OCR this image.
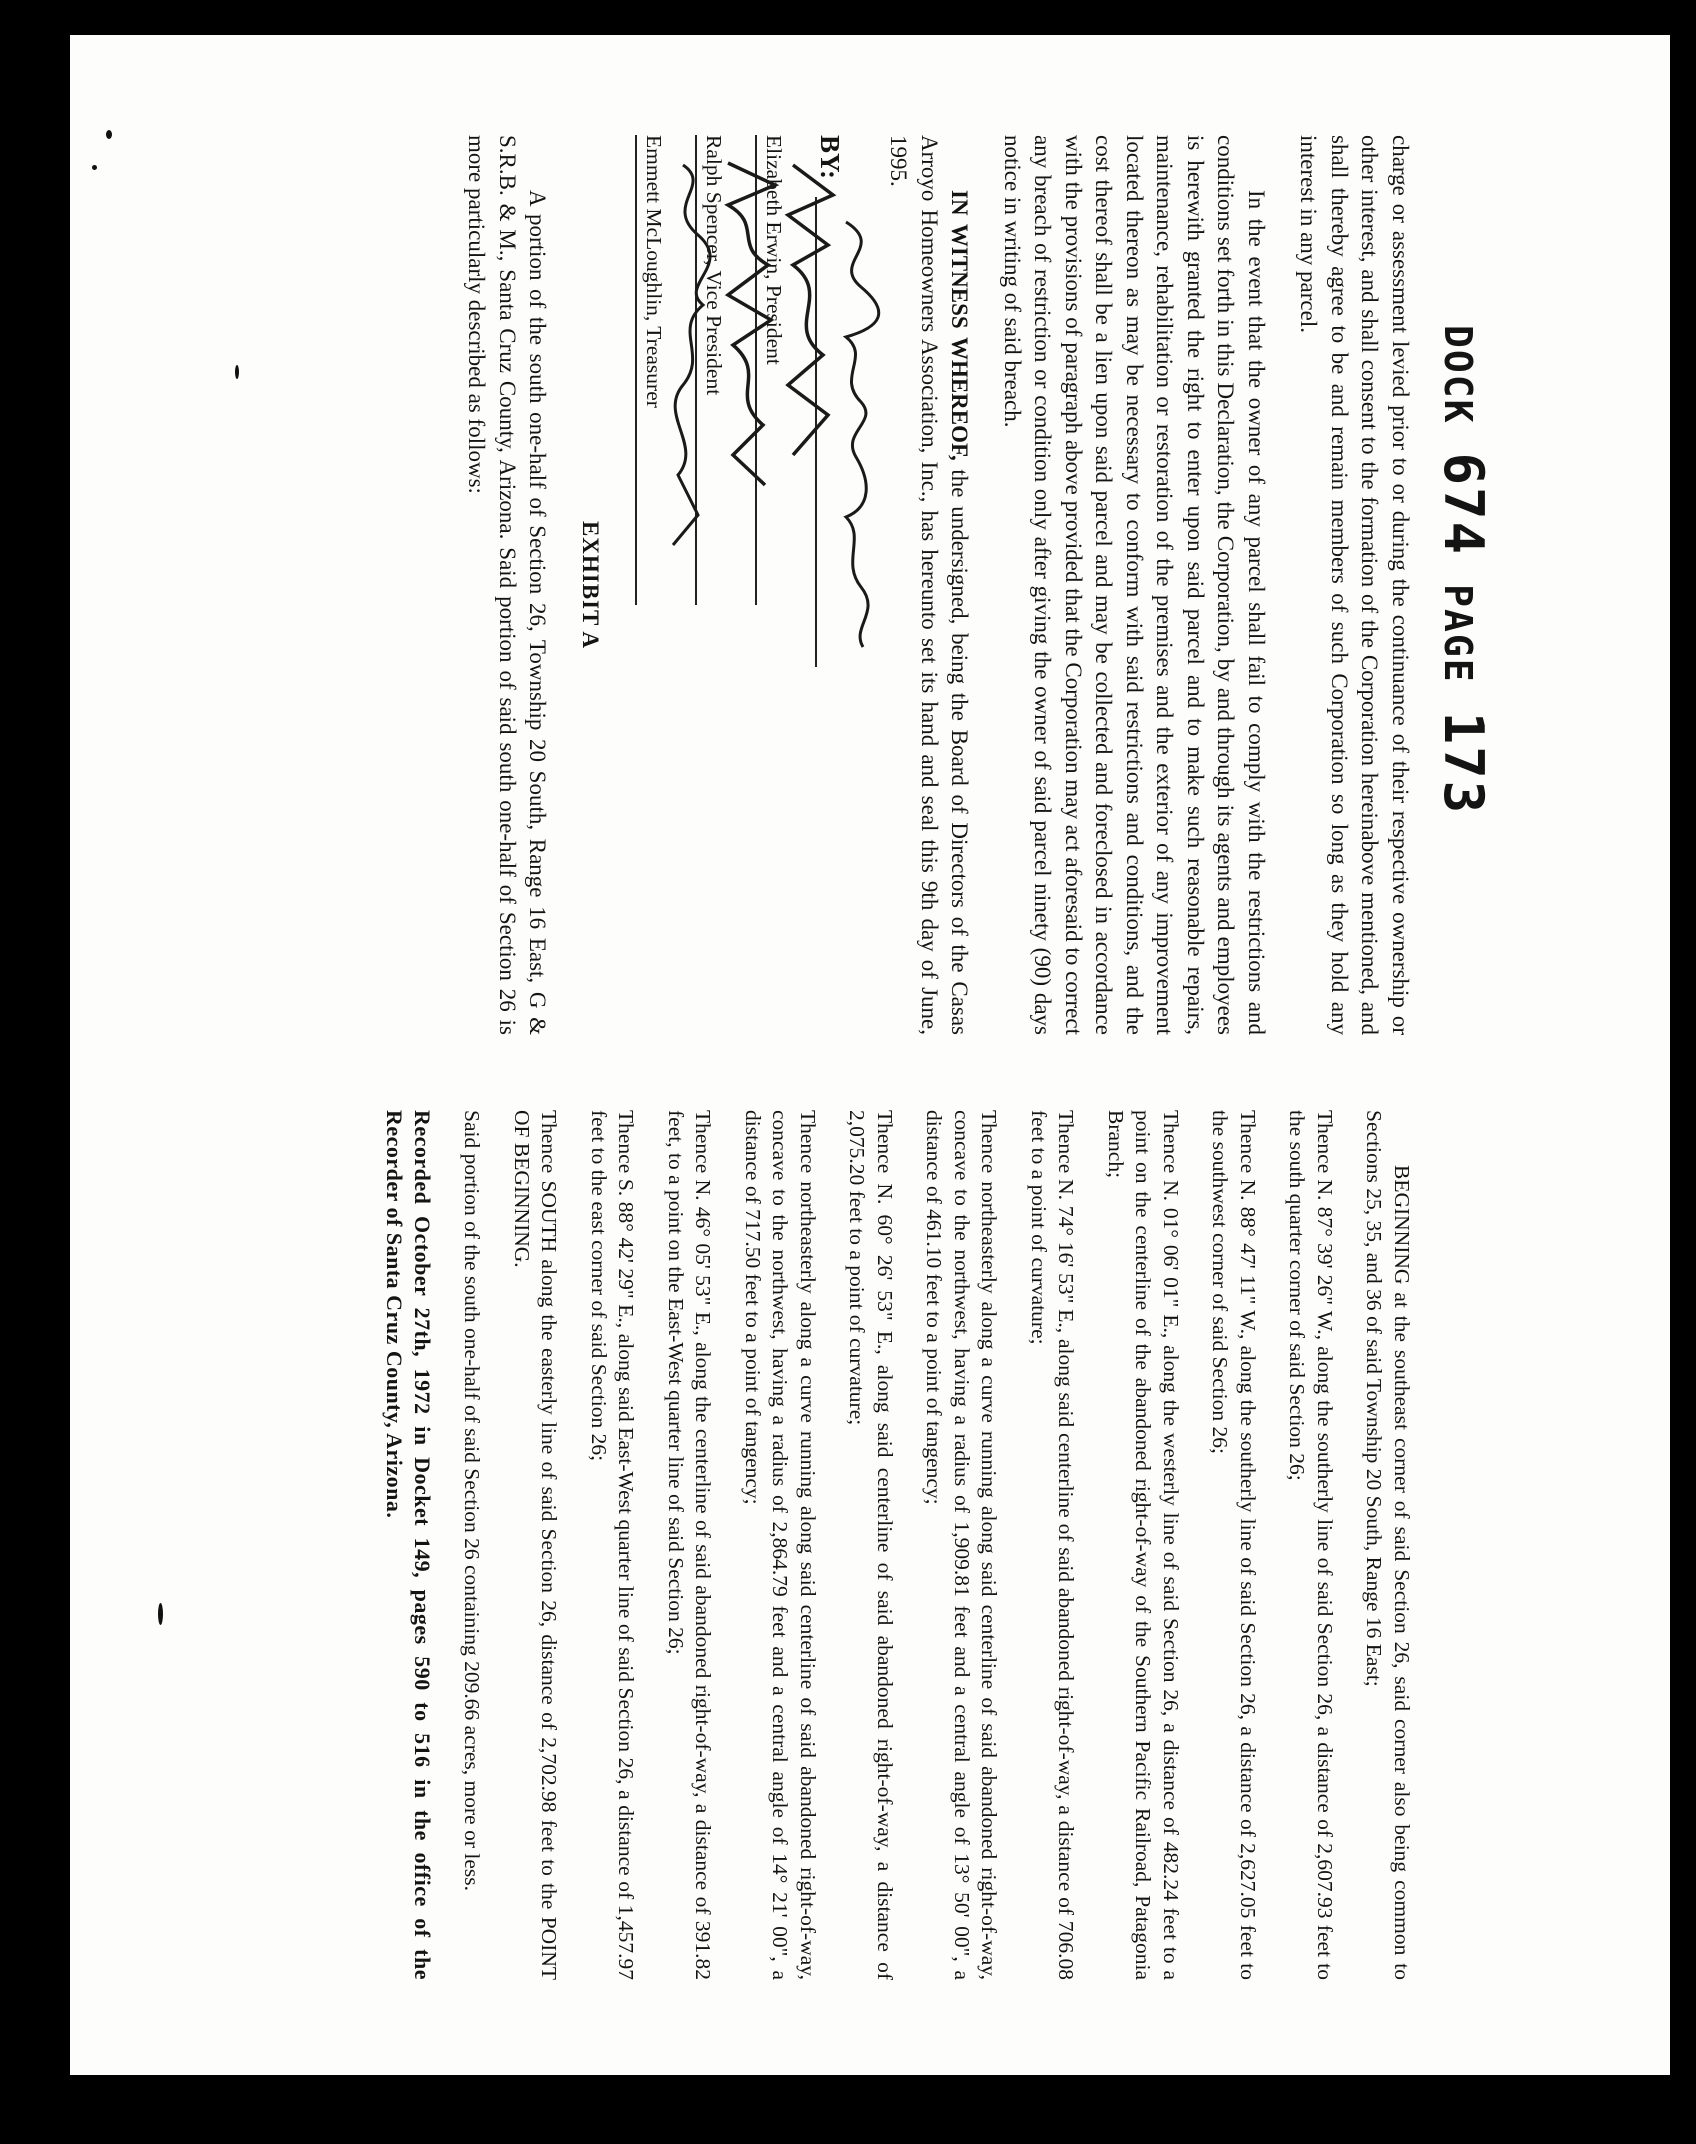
DOCK
674
PAGE
173

charge or assessment levied prior to or during the continuance of their respective ownership or other interest, and shall consent to the formation of the Corporation hereinabove mentioned, and shall thereby agree to be and remain members of such Corporation so long as they hold any interest in any parcel.

In the event that the owner of any parcel shall fail to comply with the restrictions and conditions set forth in this Declaration, the Corporation, by and through its agents and employees is herewith granted the right to enter upon said parcel and to make such reasonable repairs, maintenance, rehabilitation or restoration of the premises and the exterior of any improvement located thereon as may be necessary to conform with said restrictions and conditions, and the cost thereof shall be a lien upon said parcel and may be collected and foreclosed in accordance with the provisions of paragraph above provided that the Corporation may act aforesaid to correct any breach of restriction or condition only after giving the owner of said parcel ninety (90) days notice in writing of said breach.

IN WITNESS WHEREOF, the undersigned, being the Board of Directors of the Casas Arroyo Homeowners Association, Inc., has hereunto set its hand and seal this 9th day of June, 1995.

BY:
Elizabeth Erwin, President
Ralph Spencer, Vice President
Emmett McLoughlin, Treasurer
EXHIBIT A

A portion of the south one-half of Section 26, Township 20 South, Range 16 East, G & S.R.B. & M., Santa Cruz County, Arizona. Said portion of said south one-half of Section 26 is more particularly described as follows:

BEGINNING at the southeast corner of said Section 26, said corner also being common to Sections 25, 35, and 36 of said Township 20 South, Range 16 East;

Thence N. 87° 39' 26" W., along the southerly line of said Section 26, a distance of 2,607.93 feet to the south quarter corner of said Section 26;

Thence N. 88° 47' 11" W., along the southerly line of said Section 26, a distance of 2,627.05 feet to the southwest corner of said Section 26;

Thence N. 01° 06' 01" E., along the westerly line of said Section 26, a distance of 482.24 feet to a point on the centerline of the abandoned right-of-way of the Southern Pacific Railroad, Patagonia Branch;

Thence N. 74° 16' 53" E., along said centerline of said abandoned right-of-way, a distance of 706.08 feet to a point of curvature;

Thence northeasterly along a curve running along said centerline of said abandoned right-of-way, concave to the northwest, having a radius of 1,909.81 feet and a central angle of 13° 50' 00", a distance of 461.10 feet to a point of tangency;

Thence N. 60° 26' 53" E., along said centerline of said abandoned right-of-way, a distance of 2,075.20 feet to a point of curvature;

Thence northeasterly along a curve running along said centerline of said abandoned right-of-way, concave to the northwest, having a radius of 2,864.79 feet and a central angle of 14° 21' 00", a distance of 717.50 feet to a point of tangency;

Thence N. 46° 05' 53" E., along the centerline of said abandoned right-of-way, a distance of 391.82 feet, to a point on the East-West quarter line of said Section 26;

Thence S. 88° 42' 29" E., along said East-West quarter line of said Section 26, a distance of 1,457.97 feet to the east corner of said Section 26;

Thence SOUTH along the easterly line of said Section 26, distance of 2,702.98 feet to the POINT OF BEGINNING.

Said portion of the south one-half of said Section 26 containing 209.66 acres, more or less.

Recorded October 27th, 1972 in Docket 149, pages 590 to 516 in the office of the Recorder of Santa Cruz County, Arizona.
